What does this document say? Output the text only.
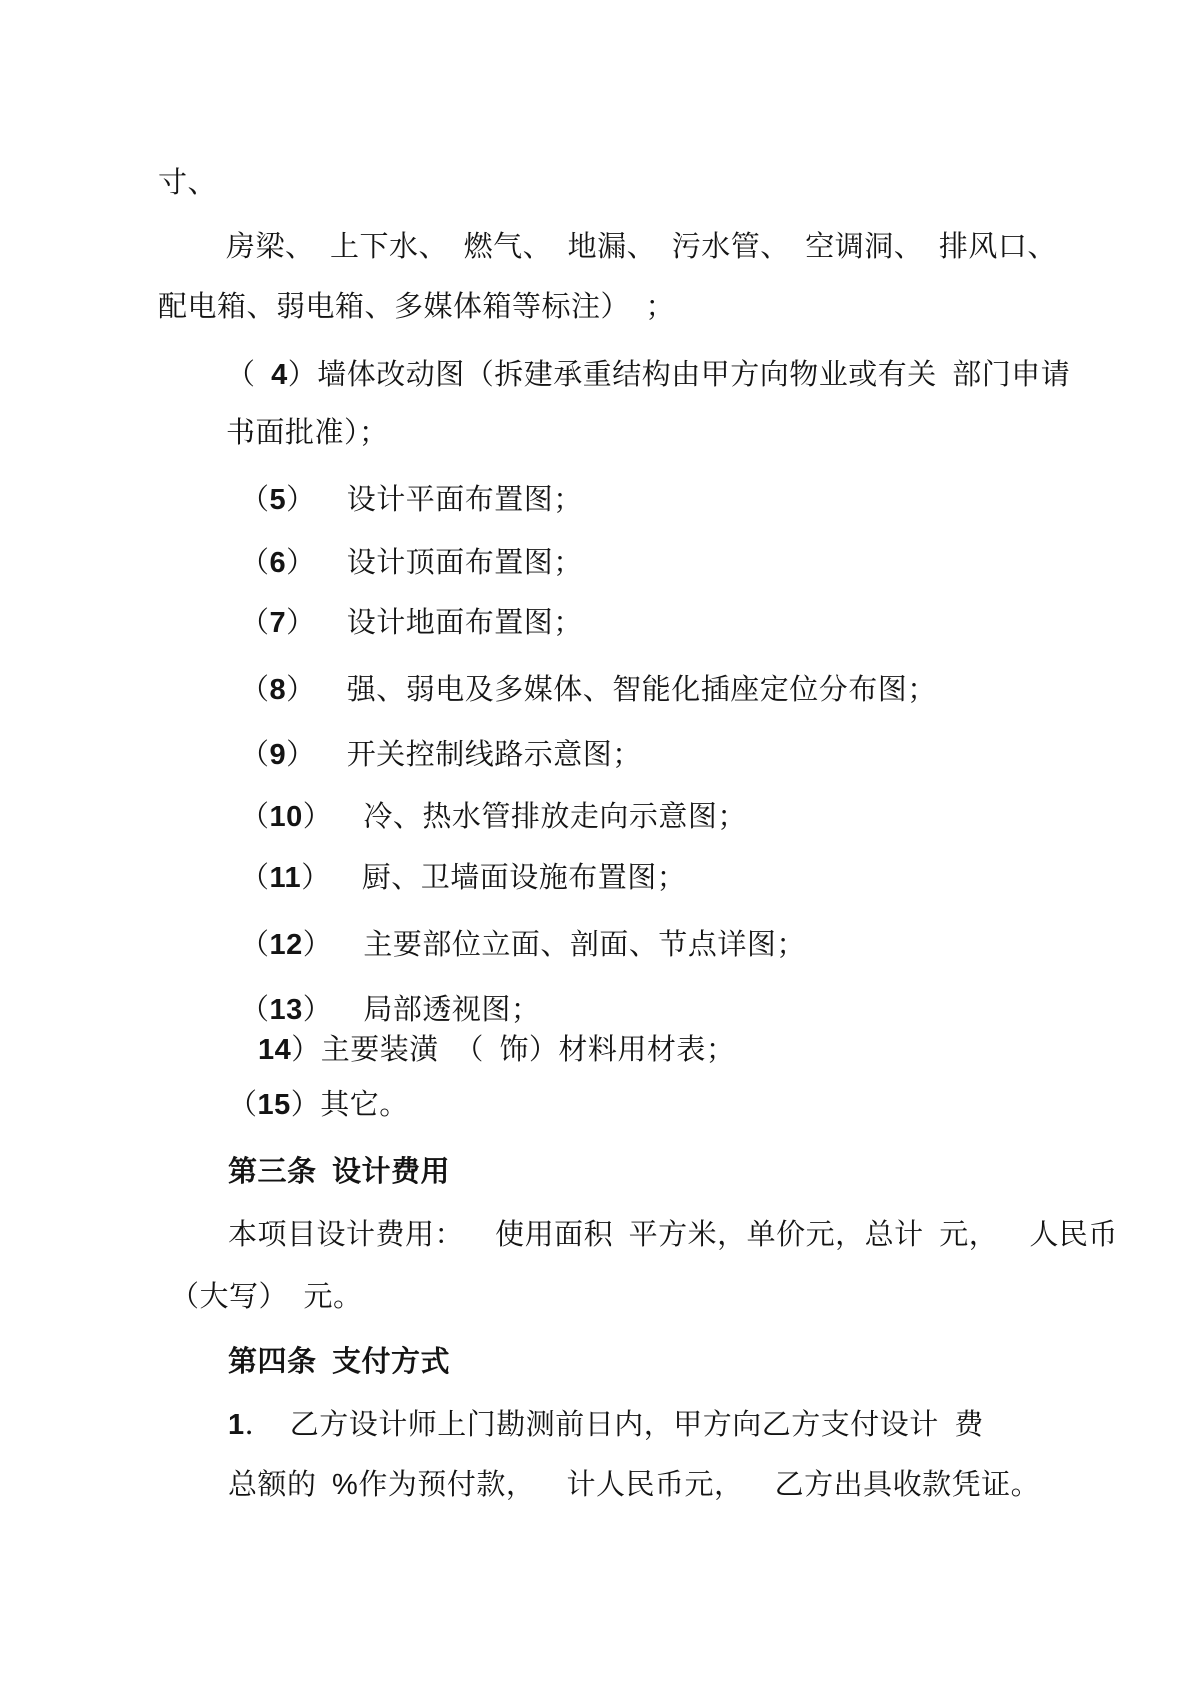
寸、
房梁、 上下水、 燃气、 地漏、 污水管、 空调洞、 排风口、
配电箱、弱电箱、多媒体箱等标注） ；
（ 4）墙体改动图（拆建承重结构由甲方向物业或有关 部门申请
书面批准）；
（5）  设计平面布置图；
（6）  设计顶面布置图；
（7）  设计地面布置图；
（8）  强、弱电及多媒体、智能化插座定位分布图；
（9）  开关控制线路示意图；
（10）  冷、热水管排放走向示意图；
（11）  厨、卫墙面设施布置图；
（12）  主要部位立面、剖面、节点详图；
（13）  局部透视图；
14）主要装潢 （ 饰）材料用材表；
（15）其它。
第三条 设计费用
本项目设计费用：  使用面积 平方米，单价元，总计 元，  人民币
（大写） 元。
第四条 支付方式
1． 乙方设计师上门勘测前日内，甲方向乙方支付设计 费
总额的 %作为预付款，  计人民币元，  乙方出具收款凭证。
